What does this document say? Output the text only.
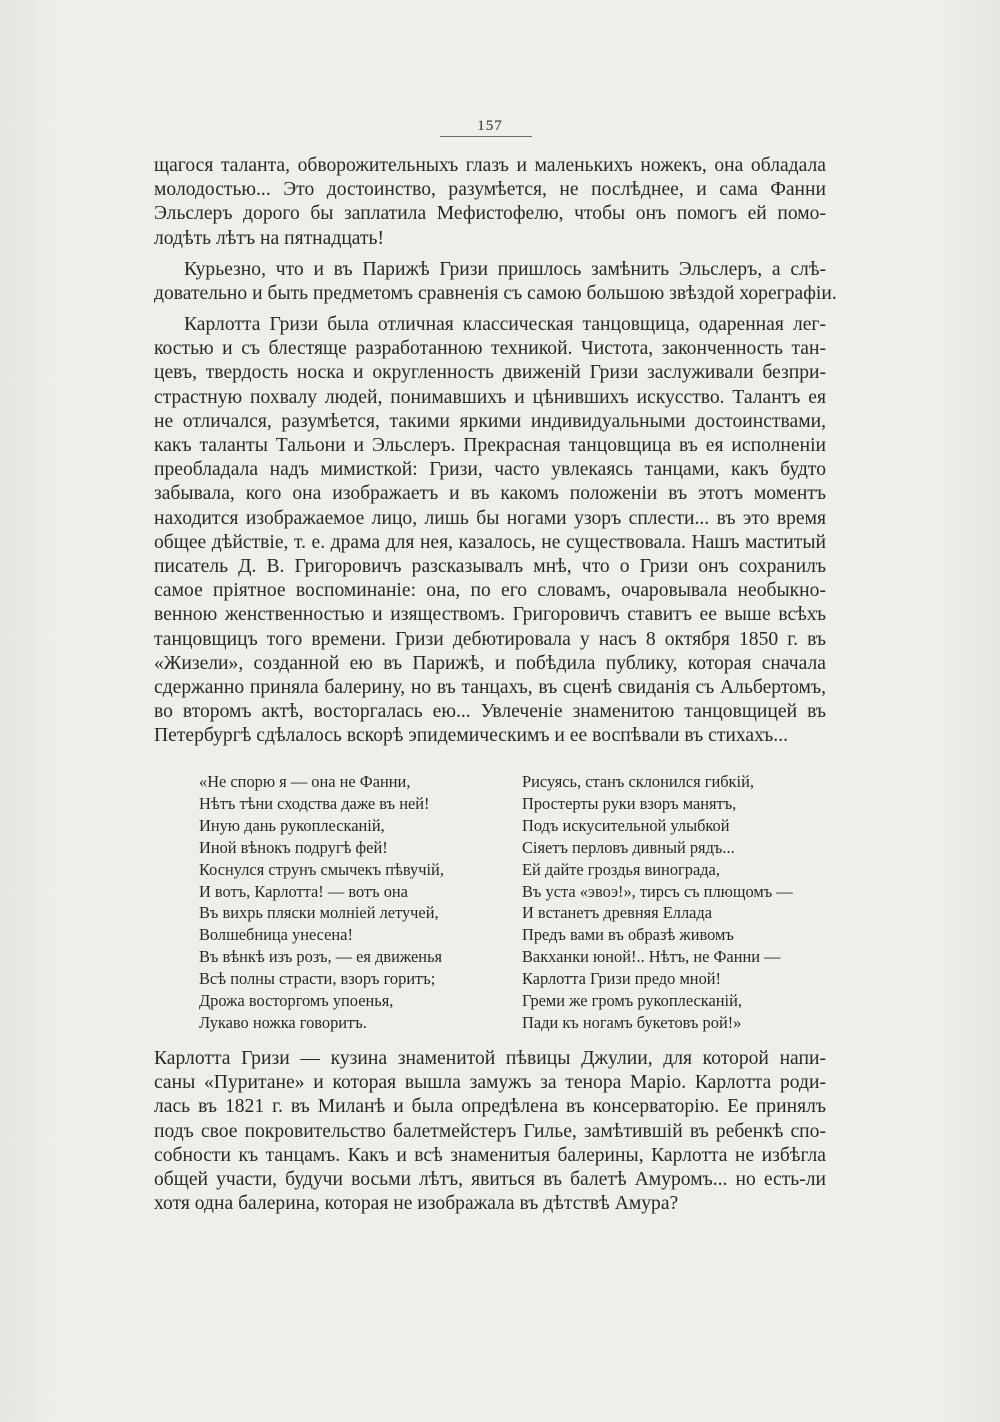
157
щагося таланта, обворожительныхъ глазъ и маленькихъ ножекъ, она обладала
молодостью... Это достоинство, разумѣется, не послѣднее, и сама Фанни
Эльслеръ дорого бы заплатила Мефистофелю, чтобы онъ помогъ ей помо-
лодѣть лѣтъ на пятнадцать!
Курьезно, что и въ Парижѣ Гризи пришлось замѣнить Эльслеръ, а слѣ-
довательно и быть предметомъ сравненія съ самою большою звѣздой хореграфіи.
Карлотта Гризи была отличная классическая танцовщица, одаренная лег-
костью и съ блестяще разработанною техникой. Чистота, законченность тан-
цевъ, твердость носка и округленность движеній Гризи заслуживали безпри-
страстную похвалу людей, понимавшихъ и цѣнившихъ искусство. Талантъ ея
не отличался, разумѣется, такими яркими индивидуальными достоинствами,
какъ таланты Тальони и Эльслеръ. Прекрасная танцовщица въ ея исполненіи
преобладала надъ мимисткой: Гризи, часто увлекаясь танцами, какъ будто
забывала, кого она изображаетъ и въ какомъ положеніи въ этотъ моментъ
находится изображаемое лицо, лишь бы ногами узоръ сплести... въ это время
общее дѣйствіе, т. е. драма для нея, казалось, не существовала. Нашъ маститый
писатель Д. В. Григоровичъ разсказывалъ мнѣ, что о Гризи онъ сохранилъ
самое пріятное воспоминаніе: она, по его словамъ, очаровывала необыкно-
венною женственностью и изяществомъ. Григоровичъ ставитъ ее выше всѣхъ
танцовщицъ того времени. Гризи дебютировала у насъ 8 октября 1850 г. въ
«Жизели», созданной ею въ Парижѣ, и побѣдила публику, которая сначала
сдержанно приняла балерину, но въ танцахъ, въ сценѣ свиданія съ Альбертомъ,
во второмъ актѣ, восторгалась ею... Увлеченіе знаменитою танцовщицей въ
Петербургѣ сдѣлалось вскорѣ эпидемическимъ и ее воспѣвали въ стихахъ...
«Не спорю я — она не Фанни,
Нѣтъ тѣни сходства даже въ ней!
Иную дань рукоплесканій,
Иной вѣнокъ подругѣ фей!
Коснулся струнъ смычекъ пѣвучій,
И вотъ, Карлотта! — вотъ она
Въ вихрь пляски молніей летучей,
Волшебница унесена!
Въ вѣнкѣ изъ розъ, — ея движенья
Всѣ полны страсти, взоръ горитъ;
Дрожа восторгомъ упоенья,
Лукаво ножка говоритъ.
Рисуясь, станъ склонился гибкій,
Простерты руки взоръ манятъ,
Подъ искусительной улыбкой
Сіяетъ перловъ дивный рядъ...
Ей дайте гроздья винограда,
Въ уста «эвоэ!», тирсъ съ плющомъ —
И встанетъ древняя Еллада
Предъ вами въ образѣ живомъ
Вакханки юной!.. Нѣтъ, не Фанни —
Карлотта Гризи предо мной!
Греми же громъ рукоплесканій,
Пади къ ногамъ букетовъ рой!»
Карлотта Гризи — кузина знаменитой пѣвицы Джулии, для которой напи-
саны «Пуритане» и которая вышла замужъ за тенора Маріо. Карлотта роди-
лась въ 1821 г. въ Миланѣ и была опредѣлена въ консерваторію. Ее принялъ
подъ свое покровительство балетмейстеръ Гилье, замѣтившій въ ребенкѣ спо-
собности къ танцамъ. Какъ и всѣ знаменитыя балерины, Карлотта не избѣгла
общей участи, будучи восьми лѣтъ, явиться въ балетѣ Амуромъ... но есть-ли
хотя одна балерина, которая не изображала въ дѣтствѣ Амура?
